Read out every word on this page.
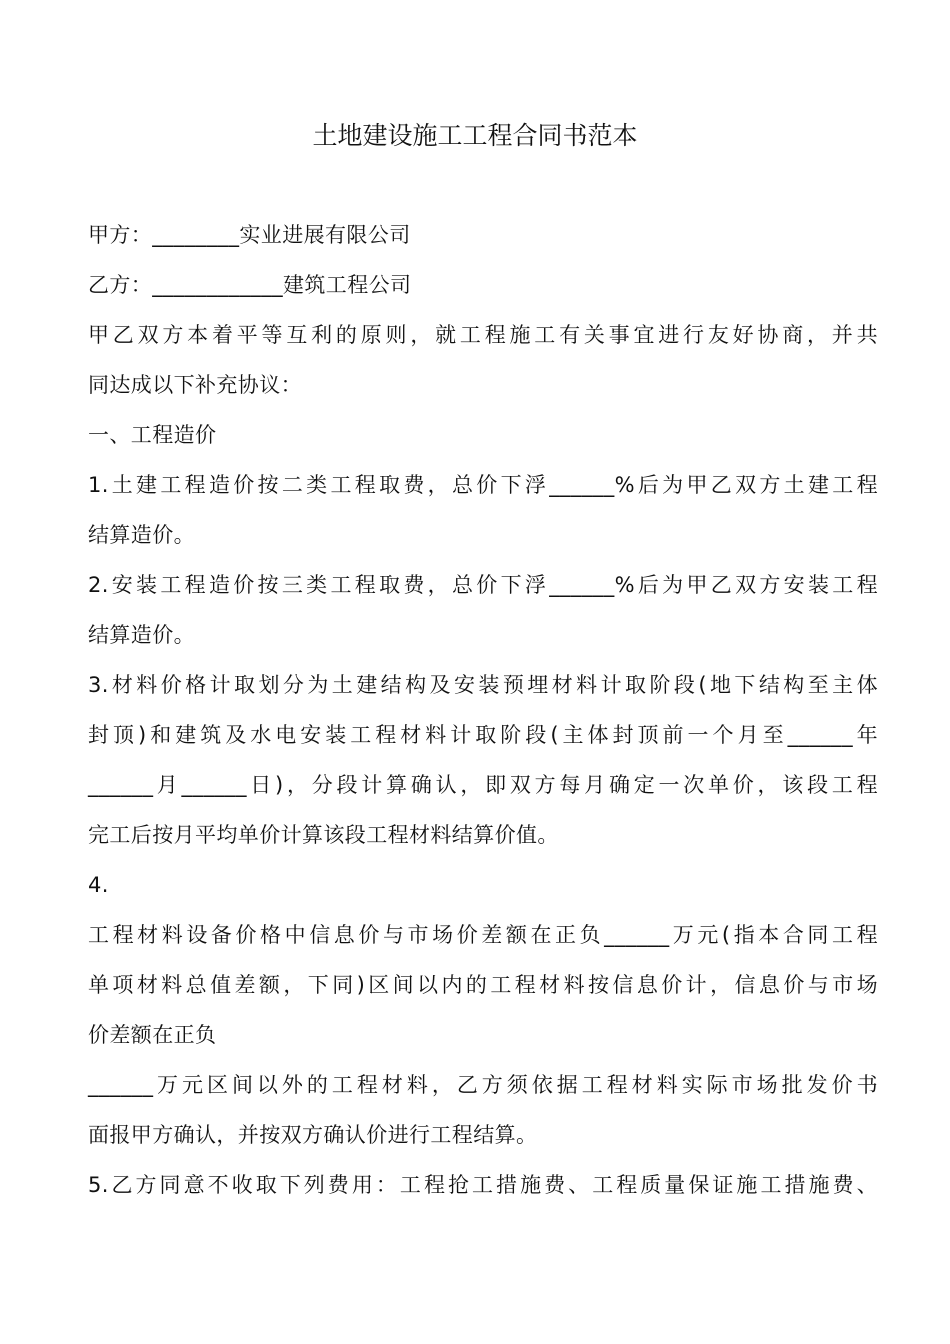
土地建设施工工程合同书范本
甲方：________实业进展有限公司
乙方：____________建筑工程公司
甲乙双方本着平等互利的原则，就工程施工有关事宜进行友好协商，并共
同达成以下补充协议：
一、工程造价
1.土建工程造价按二类工程取费，总价下浮______%后为甲乙双方土建工程
结算造价。
2.安装工程造价按三类工程取费，总价下浮______%后为甲乙双方安装工程
结算造价。
3.材料价格计取划分为土建结构及安装预埋材料计取阶段(地下结构至主体
封顶)和建筑及水电安装工程材料计取阶段(主体封顶前一个月至______年
______月______日)，分段计算确认，即双方每月确定一次单价，该段工程
完工后按月平均单价计算该段工程材料结算价值。
4.
工程材料设备价格中信息价与市场价差额在正负______万元(指本合同工程
单项材料总值差额，下同)区间以内的工程材料按信息价计，信息价与市场
价差额在正负
______万元区间以外的工程材料，乙方须依据工程材料实际市场批发价书
面报甲方确认，并按双方确认价进行工程结算。
5.乙方同意不收取下列费用：工程抢工措施费、工程质量保证施工措施费、
